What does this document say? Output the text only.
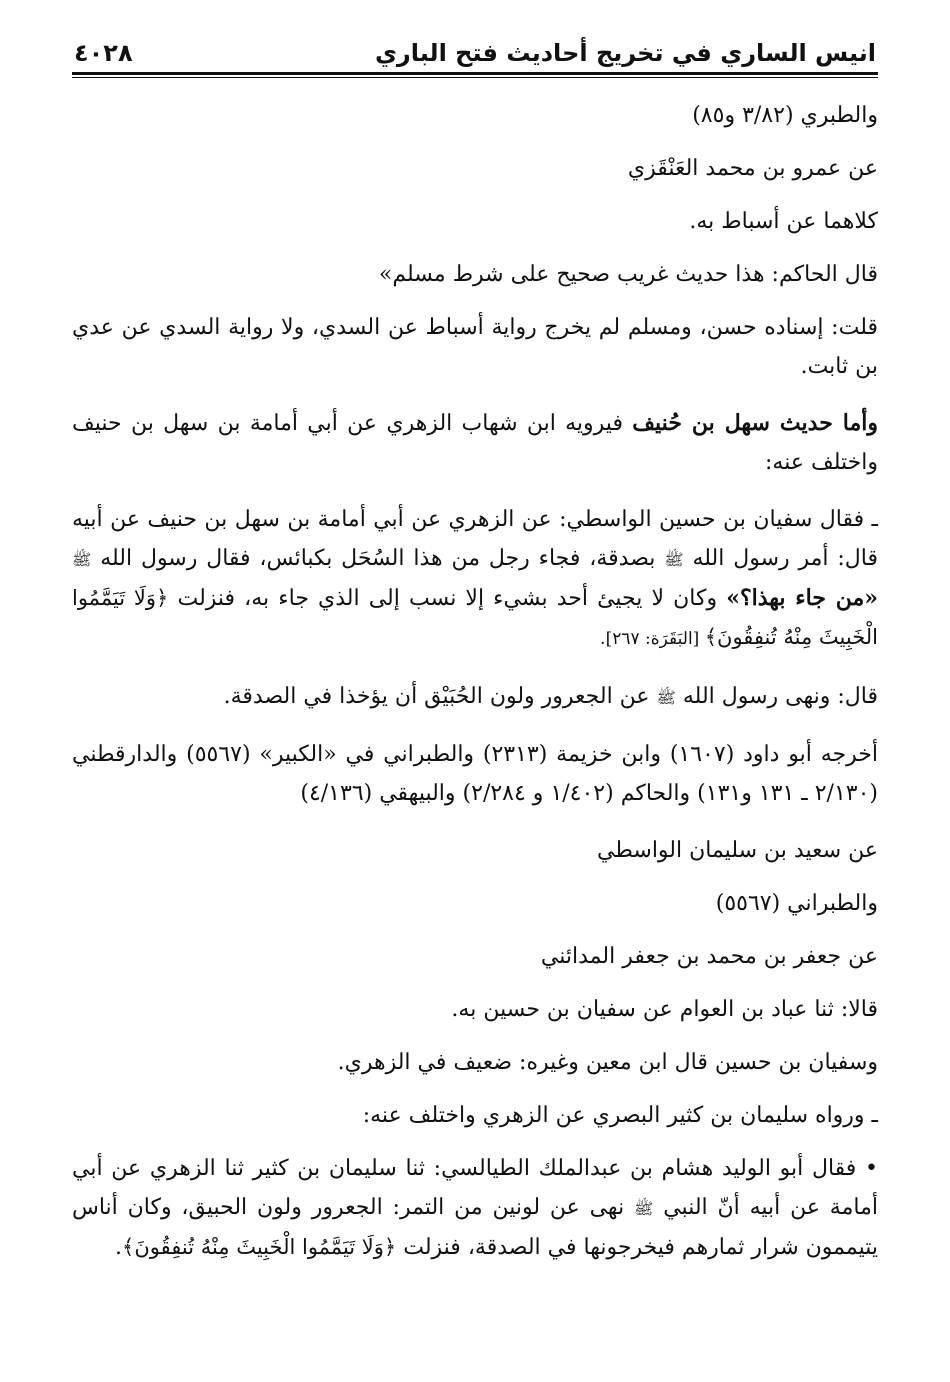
انيس الساري في تخريج أحاديث فتح الباري
٤٠٢٨

والطبري (٣/٨٢ و٨٥)

عن عمرو بن محمد العَنْقَزي

كلاهما عن أسباط به.

قال الحاكم: هذا حديث غريب صحيح على شرط مسلم»

قلت: إسناده حسن، ومسلم لم يخرج رواية أسباط عن السدي، ولا رواية السدي عن عدي بن ثابت.

وأما حديث سهل بن حُنيف فيرويه ابن شهاب الزهري عن أبي أمامة بن سهل بن حنيف واختلف عنه:

ـ فقال سفيان بن حسين الواسطي: عن الزهري عن أبي أمامة بن سهل بن حنيف عن أبيه قال: أمر رسول الله ﷺ بصدقة، فجاء رجل من هذا السُحَل بكبائس، فقال رسول الله ﷺ «من جاء بهذا؟» وكان لا يجيئ أحد بشيء إلا نسب إلى الذي جاء به، فنزلت ﴿وَلَا تَيَمَّمُوا الْخَبِيثَ مِنْهُ تُنفِقُونَ﴾ [البَقَرَة: ٢٦٧].

قال: ونهى رسول الله ﷺ عن الجعرور ولون الحُبَيْق أن يؤخذا في الصدقة.

أخرجه أبو داود (١٦٠٧) وابن خزيمة (٢٣١٣) والطبراني في «الكبير» (٥٥٦٧) والدارقطني (٢/١٣٠ ـ ١٣١ و١٣١) والحاكم (١/٤٠٢ و ٢/٢٨٤) والبيهقي (٤/١٣٦)

عن سعيد بن سليمان الواسطي

والطبراني (٥٥٦٧)

عن جعفر بن محمد بن جعفر المدائني

قالا: ثنا عباد بن العوام عن سفيان بن حسين به.

وسفيان بن حسين قال ابن معين وغيره: ضعيف في الزهري.

ـ ورواه سليمان بن كثير البصري عن الزهري واختلف عنه:

• فقال أبو الوليد هشام بن عبدالملك الطيالسي: ثنا سليمان بن كثير ثنا الزهري عن أبي أمامة عن أبيه أنّ النبي ﷺ نهى عن لونين من التمر: الجعرور ولون الحبيق، وكان أناس يتيممون شرار ثمارهم فيخرجونها في الصدقة، فنزلت ﴿وَلَا تَيَمَّمُوا الْخَبِيثَ مِنْهُ تُنفِقُونَ﴾.
